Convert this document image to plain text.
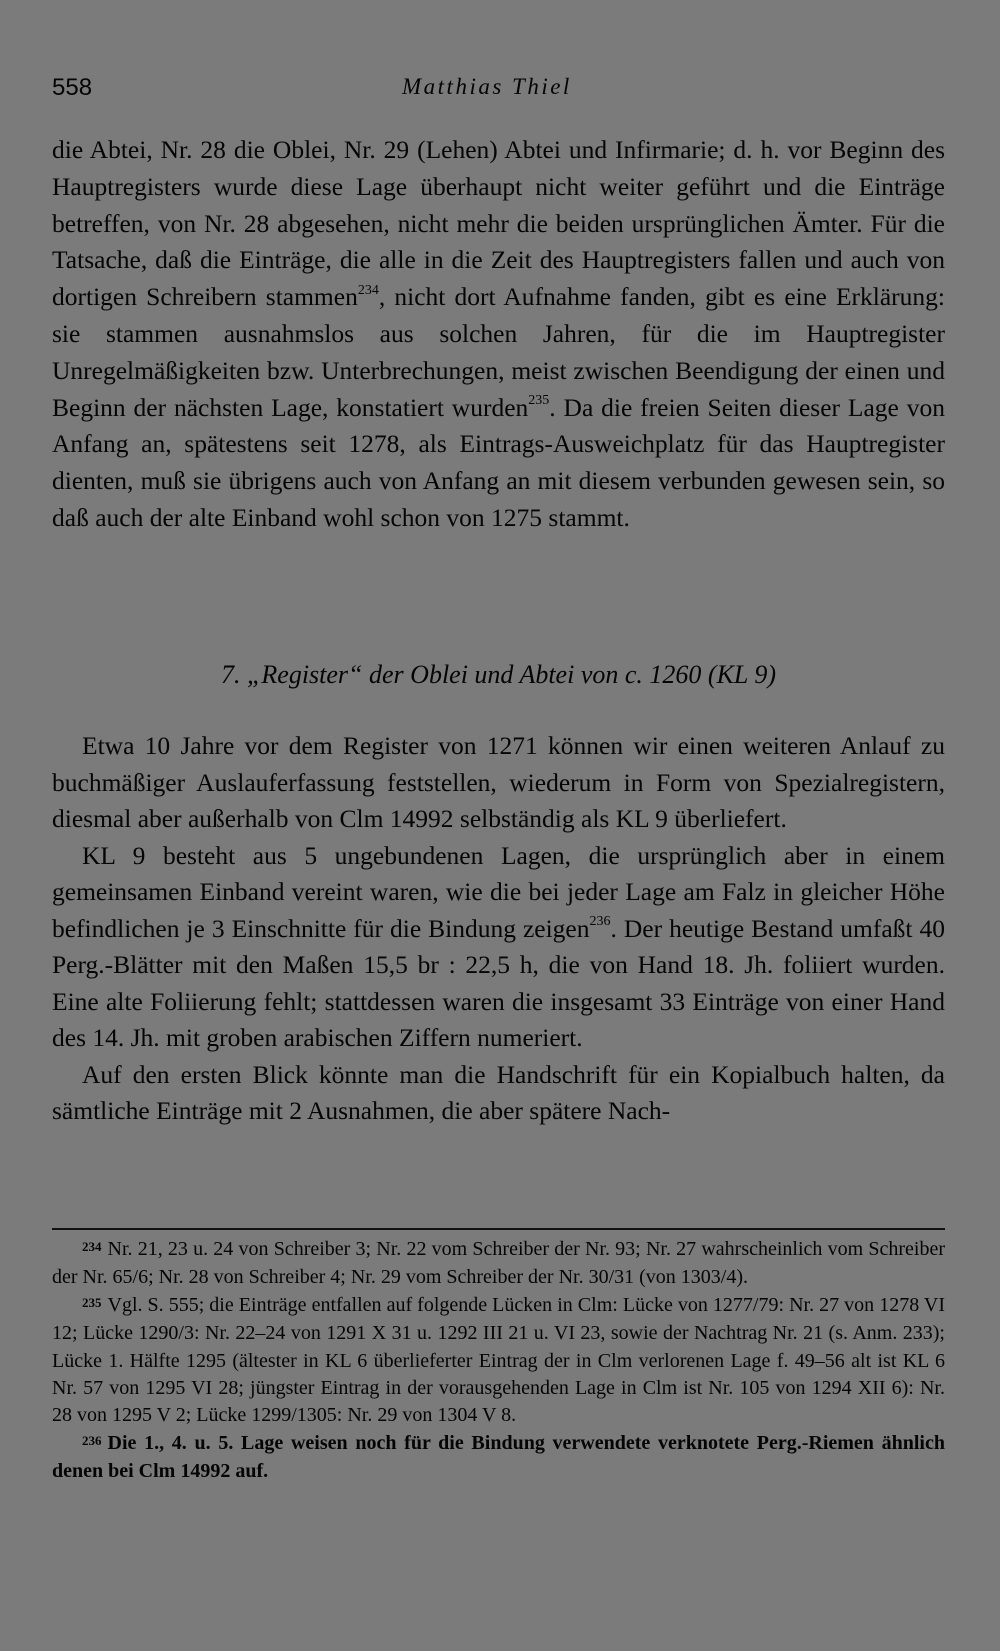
558	Matthias Thiel

die Abtei, Nr. 28 die Oblei, Nr. 29 (Lehen) Abtei und Infirmarie; d. h. vor Beginn des Hauptregisters wurde diese Lage überhaupt nicht weiter geführt und die Einträge betreffen, von Nr. 28 abgesehen, nicht mehr die beiden ursprünglichen Ämter. Für die Tatsache, daß die Einträge, die alle in die Zeit des Hauptregisters fallen und auch von dortigen Schreibern stammen$^{234}$, nicht dort Aufnahme fanden, gibt es eine Erklärung: sie stammen ausnahmslos aus solchen Jahren, für die im Hauptregister Unregelmäßigkeiten bzw. Unterbrechungen, meist zwischen Beendigung der einen und Beginn der nächsten Lage, konstatiert wurden$^{235}$. Da die freien Seiten dieser Lage von Anfang an, spätestens seit 1278, als Eintrags-Ausweichplatz für das Hauptregister dienten, muß sie übrigens auch von Anfang an mit diesem verbunden gewesen sein, so daß auch der alte Einband wohl schon von 1275 stammt.

7. „Register“ der Oblei und Abtei von c. 1260 (KL 9)

Etwa 10 Jahre vor dem Register von 1271 können wir einen weiteren Anlauf zu buchmäßiger Auslauferfassung feststellen, wiederum in Form von Spezialregistern, diesmal aber außerhalb von Clm 14992 selbständig als KL 9 überliefert.

KL 9 besteht aus 5 ungebundenen Lagen, die ursprünglich aber in einem gemeinsamen Einband vereint waren, wie die bei jeder Lage am Falz in gleicher Höhe befindlichen je 3 Einschnitte für die Bindung zeigen$^{236}$. Der heutige Bestand umfaßt 40 Perg.-Blätter mit den Maßen 15,5 br : 22,5 h, die von Hand 18. Jh. foliiert wurden. Eine alte Foliierung fehlt; stattdessen waren die insgesamt 33 Einträge von einer Hand des 14. Jh. mit groben arabischen Ziffern numeriert.

Auf den ersten Blick könnte man die Handschrift für ein Kopialbuch halten, da sämtliche Einträge mit 2 Ausnahmen, die aber spätere Nach-

$^{234}$ Nr. 21, 23 u. 24 von Schreiber 3; Nr. 22 vom Schreiber der Nr. 93; Nr. 27 wahrscheinlich vom Schreiber der Nr. 65/6; Nr. 28 von Schreiber 4; Nr. 29 vom Schreiber der Nr. 30/31 (von 1303/4).

$^{235}$ Vgl. S. 555; die Einträge entfallen auf folgende Lücken in Clm: Lücke von 1277/79: Nr. 27 von 1278 VI 12; Lücke 1290/3: Nr. 22–24 von 1291 X 31 u. 1292 III 21 u. VI 23, sowie der Nachtrag Nr. 21 (s. Anm. 233); Lücke 1. Hälfte 1295 (ältester in KL 6 überlieferter Eintrag der in Clm verlorenen Lage f. 49–56 alt ist KL 6 Nr. 57 von 1295 VI 28; jüngster Eintrag in der vorausgehenden Lage in Clm ist Nr. 105 von 1294 XII 6): Nr. 28 von 1295 V 2; Lücke 1299/1305: Nr. 29 von 1304 V 8.

$^{236}$ Die 1., 4. u. 5. Lage weisen noch für die Bindung verwendete verknotete Perg.-Riemen ähnlich denen bei Clm 14992 auf.
